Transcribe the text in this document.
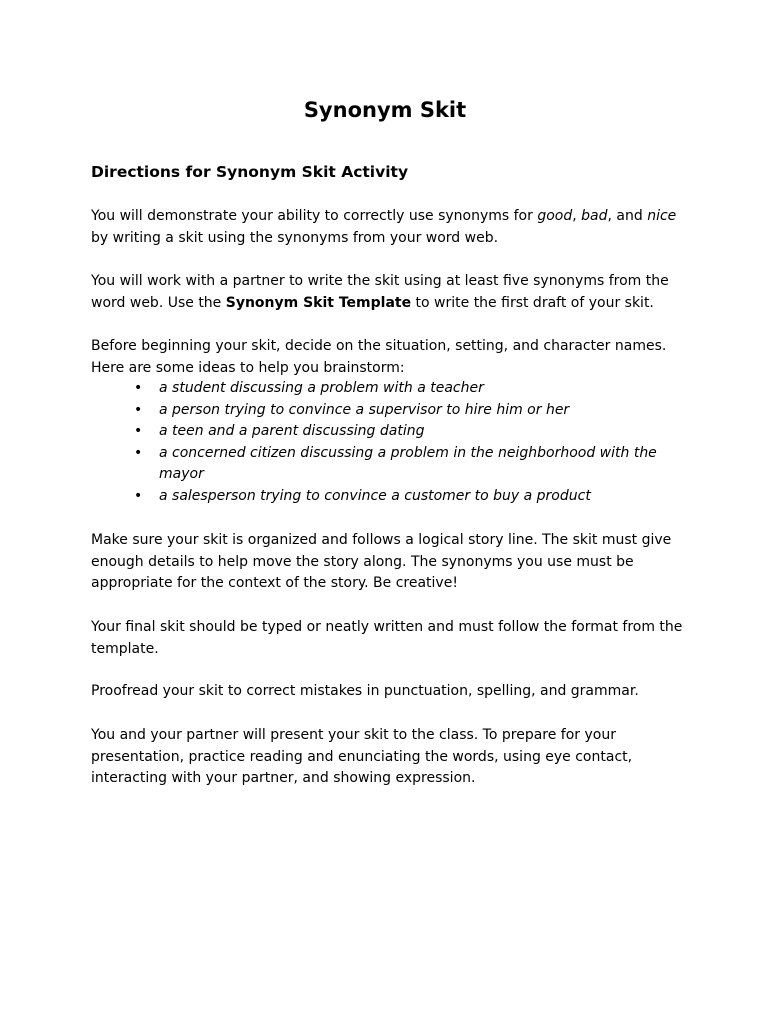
Synonym Skit
Directions for Synonym Skit Activity

You will demonstrate your ability to correctly use synonyms for good, bad, and nice by writing a skit using the synonyms from your word web.

You will work with a partner to write the skit using at least five synonyms from the word web. Use the Synonym Skit Template to write the first draft of your skit.

Before beginning your skit, decide on the situation, setting, and character names. Here are some ideas to help you brainstorm:

• a student discussing a problem with a teacher
• a person trying to convince a supervisor to hire him or her
• a teen and a parent discussing dating
• a concerned citizen discussing a problem in the neighborhood with the mayor
• a salesperson trying to convince a customer to buy a product

Make sure your skit is organized and follows a logical story line. The skit must give enough details to help move the story along. The synonyms you use must be appropriate for the context of the story. Be creative!

Your final skit should be typed or neatly written and must follow the format from the template.

Proofread your skit to correct mistakes in punctuation, spelling, and grammar.

You and your partner will present your skit to the class. To prepare for your presentation, practice reading and enunciating the words, using eye contact, interacting with your partner, and showing expression.
